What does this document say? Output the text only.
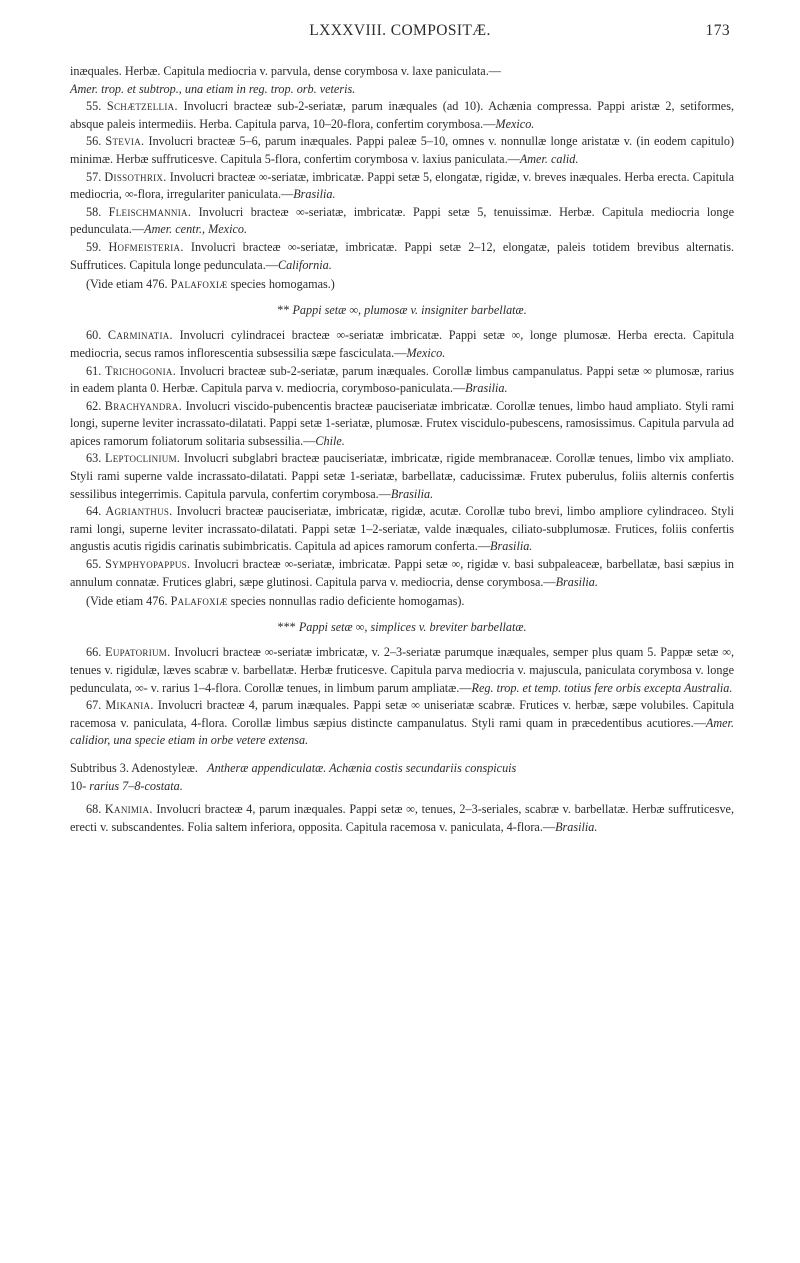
LXXXVIII. COMPOSITÆ.	173

inæquales. Herbæ. Capitula mediocria v. parvula, dense corymbosa v. laxe paniculata.—
Amer. trop. et subtrop., una etiam in reg. trop. orb. veteris.

55. Schætzellia. Involucri bracteæ sub-2-seriatæ, parum inæquales (ad 10). Achænia compressa. Pappi aristæ 2, setiformes, absque paleis intermediis. Herba. Capitula parva, 10–20-flora, confertim corymbosa.—Mexico.

56. Stevia. Involucri bracteæ 5–6, parum inæquales. Pappi paleæ 5–10, omnes v. nonnullæ longe aristatæ v. (in eodem capitulo) minimæ. Herbæ suffruticesve. Capitula 5-flora, confertim corymbosa v. laxius paniculata.—Amer. calid.

57. Dissothrix. Involucri bracteæ ∞-seriatæ, imbricatæ. Pappi setæ 5, elongatæ, rigidæ, v. breves inæquales. Herba erecta. Capitula mediocria, ∞-flora, irregulariter paniculata.—Brasilia.

58. Fleischmannia. Involucri bracteæ ∞-seriatæ, imbricatæ. Pappi setæ 5, tenuissimæ. Herbæ. Capitula mediocria longe pedunculata.—Amer. centr., Mexico.

59. Hofmeisteria. Involucri bracteæ ∞-seriatæ, imbricatæ. Pappi setæ 2–12, elongatæ, paleis totidem brevibus alternatis. Suffrutices. Capitula longe pedunculata.—California.

(Vide etiam 476. Palafoxiæ species homogamas.)

** Pappi setæ ∞, plumosæ v. insigniter barbellatæ.

60. Carminatia. Involucri cylindracei bracteæ ∞-seriatæ imbricatæ. Pappi setæ ∞, longe plumosæ. Herba erecta. Capitula mediocria, secus ramos inflorescentia subsessilia sæpe fasciculata.—Mexico.

61. Trichogonia. Involucri bracteæ sub-2-seriatæ, parum inæquales. Corollæ limbus campanulatus. Pappi setæ ∞ plumosæ, rarius in eadem planta 0. Herbæ. Capitula parva v. mediocria, corymboso-paniculata.—Brasilia.

62. Brachyandra. Involucri viscido-pubencentis bracteæ pauciseriatæ imbricatæ. Corollæ tenues, limbo haud ampliato. Styli rami longi, superne leviter incrassato-dilatati. Pappi setæ 1-seriatæ, plumosæ. Frutex viscidulo-pubescens, ramosissimus. Capitula parvula ad apices ramorum foliatorum solitaria subsessilia.—Chile.

63. Leptoclinium. Involucri subglabri bracteæ pauciseriatæ, imbricatæ, rigide membranaceæ. Corollæ tenues, limbo vix ampliato. Styli rami superne valde incrassato-dilatati. Pappi setæ 1-seriatæ, barbellatæ, caducissimæ. Frutex puberulus, foliis alternis confertis sessilibus integerrimis. Capitula parvula, confertim corymbosa.—Brasilia.

64. Agrianthus. Involucri bracteæ pauciseriatæ, imbricatæ, rigidæ, acutæ. Corollæ tubo brevi, limbo ampliore cylindraceo. Styli rami longi, superne leviter incrassato-dilatati. Pappi setæ 1–2-seriatæ, valde inæquales, ciliato-subplumosæ. Frutices, foliis confertis angustis acutis rigidis carinatis subimbricatis. Capitula ad apices ramorum conferta.—Brasilia.

65. Symphyopappus. Involucri bracteæ ∞-seriatæ, imbricatæ. Pappi setæ ∞, rigidæ v. basi subpaleaceæ, barbellatæ, basi sæpius in annulum connatæ. Frutices glabri, sæpe glutinosi. Capitula parva v. mediocria, dense corymbosa.—Brasilia.

(Vide etiam 476. Palafoxiæ species nonnullas radio deficiente homogamas).

*** Pappi setæ ∞, simplices v. breviter barbellatæ.

66. Eupatorium. Involucri bracteæ ∞-seriatæ imbricatæ, v. 2–3-seriatæ parumque inæquales, semper plus quam 5. Pappæ setæ ∞, tenues v. rigidulæ, læves scabræ v. barbellatæ. Herbæ fruticesve. Capitula parva mediocria v. majuscula, paniculata corymbosa v. longe pedunculata, ∞- v. rarius 1–4-flora. Corollæ tenues, in limbum parum ampliatæ.—Reg. trop. et temp. totius fere orbis excepta Australia.

67. Mikania. Involucri bracteæ 4, parum inæquales. Pappi setæ ∞ uniseriatæ scabræ. Frutices v. herbæ, sæpe volubiles. Capitula racemosa v. paniculata, 4-flora. Corollæ limbus sæpius distincte campanulatus. Styli rami quam in præcedentibus acutiores.—Amer. calidior, una specie etiam in orbe vetere extensa.

Subtribus 3. Adenostyleæ. Antheræ appendiculatæ. Achænia costis secundariis conspicuis
10- rarius 7–8-costata.

68. Kanimia. Involucri bracteæ 4, parum inæquales. Pappi setæ ∞, tenues, 2–3-seriales, scabræ v. barbellatæ. Herbæ suffruticesve, erecti v. subscandentes. Folia saltem inferiora, opposita. Capitula racemosa v. paniculata, 4-flora.—Brasilia.
